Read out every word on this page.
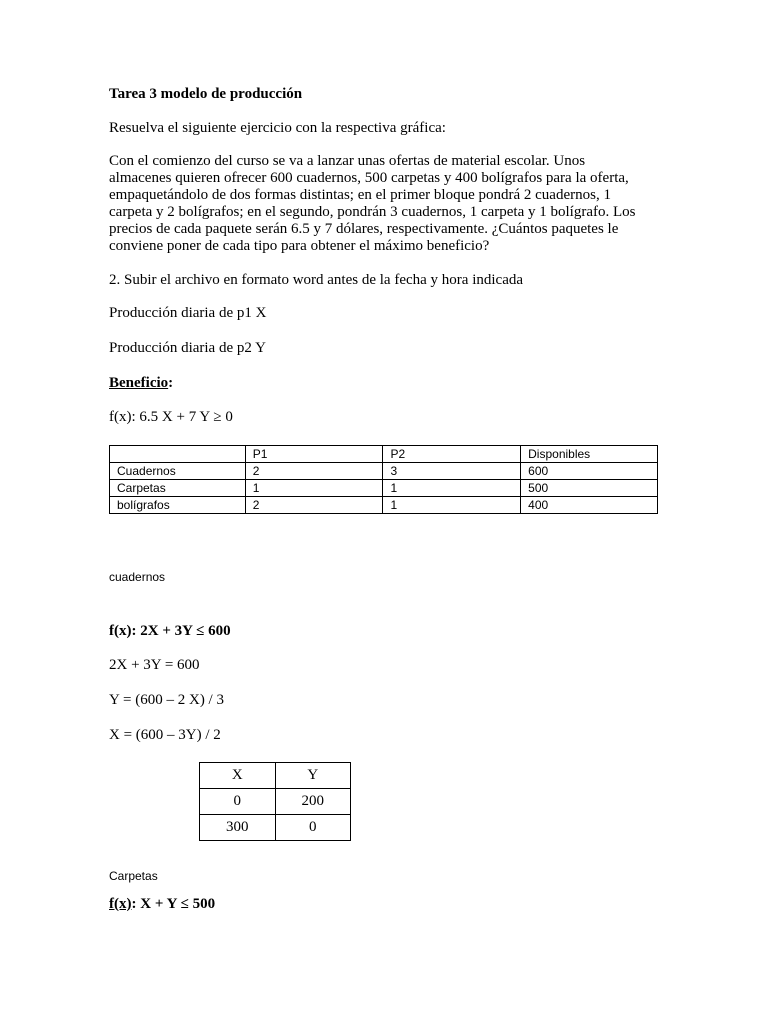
Tarea 3 modelo de producción
Resuelva el siguiente ejercicio con la respectiva gráfica:
Con el comienzo del curso se va a lanzar unas ofertas de material escolar. Unos
almacenes quieren ofrecer 600 cuadernos, 500 carpetas y 400 bolígrafos para la oferta,
empaquetándolo de dos formas distintas; en el primer bloque pondrá 2 cuadernos, 1
carpeta y 2 bolígrafos; en el segundo, pondrán 3 cuadernos, 1 carpeta y 1 bolígrafo. Los
precios de cada paquete serán 6.5 y 7 dólares, respectivamente. ¿Cuántos paquetes le
conviene poner de cada tipo para obtener el máximo beneficio?
2. Subir el archivo en formato word antes de la fecha y hora indicada
Producción diaria de p1 X
Producción diaria de p2 Y
Beneficio:
f(x): 6.5 X + 7 Y ≥ 0
	P1	P2	Disponibles
Cuadernos	2	3	600
Carpetas	1	1	500
bolígrafos	2	1	400
cuadernos
f(x): 2X + 3Y ≤ 600
2X + 3Y = 600
Y = (600 – 2 X) / 3
X = (600 – 3Y) / 2
X	Y
0	200
300	0
Carpetas
f(x): X + Y ≤ 500
